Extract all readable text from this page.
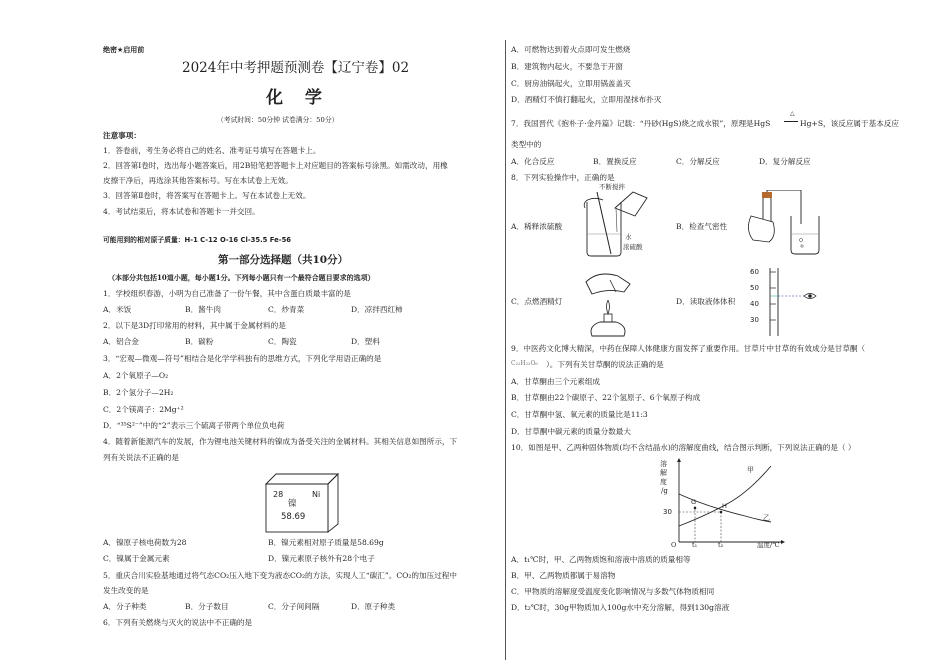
绝密★启用前
2024年中考押题预测卷【辽宁卷】02
化 学
（考试时间：50分钟 试卷满分：50分）
注意事项：
1．答卷前，考生务必将自己的姓名、准考证号填写在答题卡上。
2．回答第Ⅰ卷时，选出每小题答案后，用2B铅笔把答题卡上对应题目的答案标号涂黑。如需改动，用橡
皮擦干净后，再选涂其他答案标号。写在本试卷上无效。
3．回答第Ⅱ卷时，将答案写在答题卡上。写在本试卷上无效。
4．考试结束后，将本试卷和答题卡一并交回。
可能用到的相对原子质量：H-1 C-12 O-16 Cl-35.5 Fe-56
第一部分选择题（共10分）
（本部分共包括10道小题，每小题1分。下列每小题只有一个最符合题目要求的选项）
1．学校组织春游，小明为自己准备了一份午餐，其中含蛋白质最丰富的是
A．米饭	B．酱牛肉	C．炒青菜	D．凉拌西红柿
2．以下是3D打印常用的材料，其中属于金属材料的是
A．铝合金	B．碳粉	C．陶瓷	D．塑料
3．“宏观—微观—符号”相结合是化学学科独有的思维方式，下列化学用语正确的是
A．2个氧原子—O₂
B．2个氢分子—2H₂
C．2个镁离子：2Mg⁺²
D．“³⁵S²⁻”中的“2”表示三个硫离子带两个单位负电荷
4．随着新能源汽车的发展，作为锂电池关键材料的镍成为备受关注的金属材料。其相关信息如图所示，下
列有关说法不正确的是
28	Ni
镍
58.69
A．镍原子核电荷数为28	B．镍元素相对原子质量是58.69g
C．镍属于金属元素	D．镍元素原子核外有28个电子
5．重庆合川实验基地通过将气态CO₂压入地下变为液态CO₂的方法，实现人工“碳汇”。CO₂的加压过程中
发生改变的是
A．分子种类	B．分子数目	C．分子间间隔	D．原子种类
6．下列有关燃烧与灭火的说法中不正确的是
A．可燃物达到着火点即可发生燃烧
B．建筑物内起火，不要急于开窗
C．厨房油锅起火，立即用锅盖盖灭
D．酒精灯不慎打翻起火，立即用湿抹布扑灭
7．我国晋代《抱朴子·金丹篇》记载：“丹砂(HgS)烧之成水银”，原理是HgS
△
Hg+S，该反应属于基本反应
类型中的
A．化合反应	B．置换反应	C．分解反应	D．复分解反应
8．下列实验操作中，正确的是
不断搅拌
水
浓硫酸
A．稀释浓硫酸	B．检查气密性
C．点燃酒精灯
60
50
40
30
D．读取液体体积
9．中医药文化博大精深，中药在保障人体健康方面发挥了重要作用。甘草片中甘草的有效成分是甘草酮（
C₂₂H₂₂O₆ ）。下列有关甘草酮的说法正确的是
A．甘草酮由三个元素组成
B．甘草酮由22个碳原子、22个氢原子、6个氧原子构成
C．甘草酮中氢、氧元素的质量比是11:3
D．甘草酮中碳元素的质量分数最大
10．如图是甲、乙两种固体物质(均不含结晶水)的溶解度曲线，结合图示判断，下列说法正确的是（ ）
溶
解
度
/g
30
O t₁	t₂	温度/℃
甲
乙
G	H
A．t₁℃时，甲、乙两物质饱和溶液中溶质的质量相等
B．甲、乙两物质都属于易溶物
C．甲物质的溶解度受温度变化影响情况与多数气体物质相同
D．t₂℃时，30g甲物质加入100g水中充分溶解，得到130g溶液
